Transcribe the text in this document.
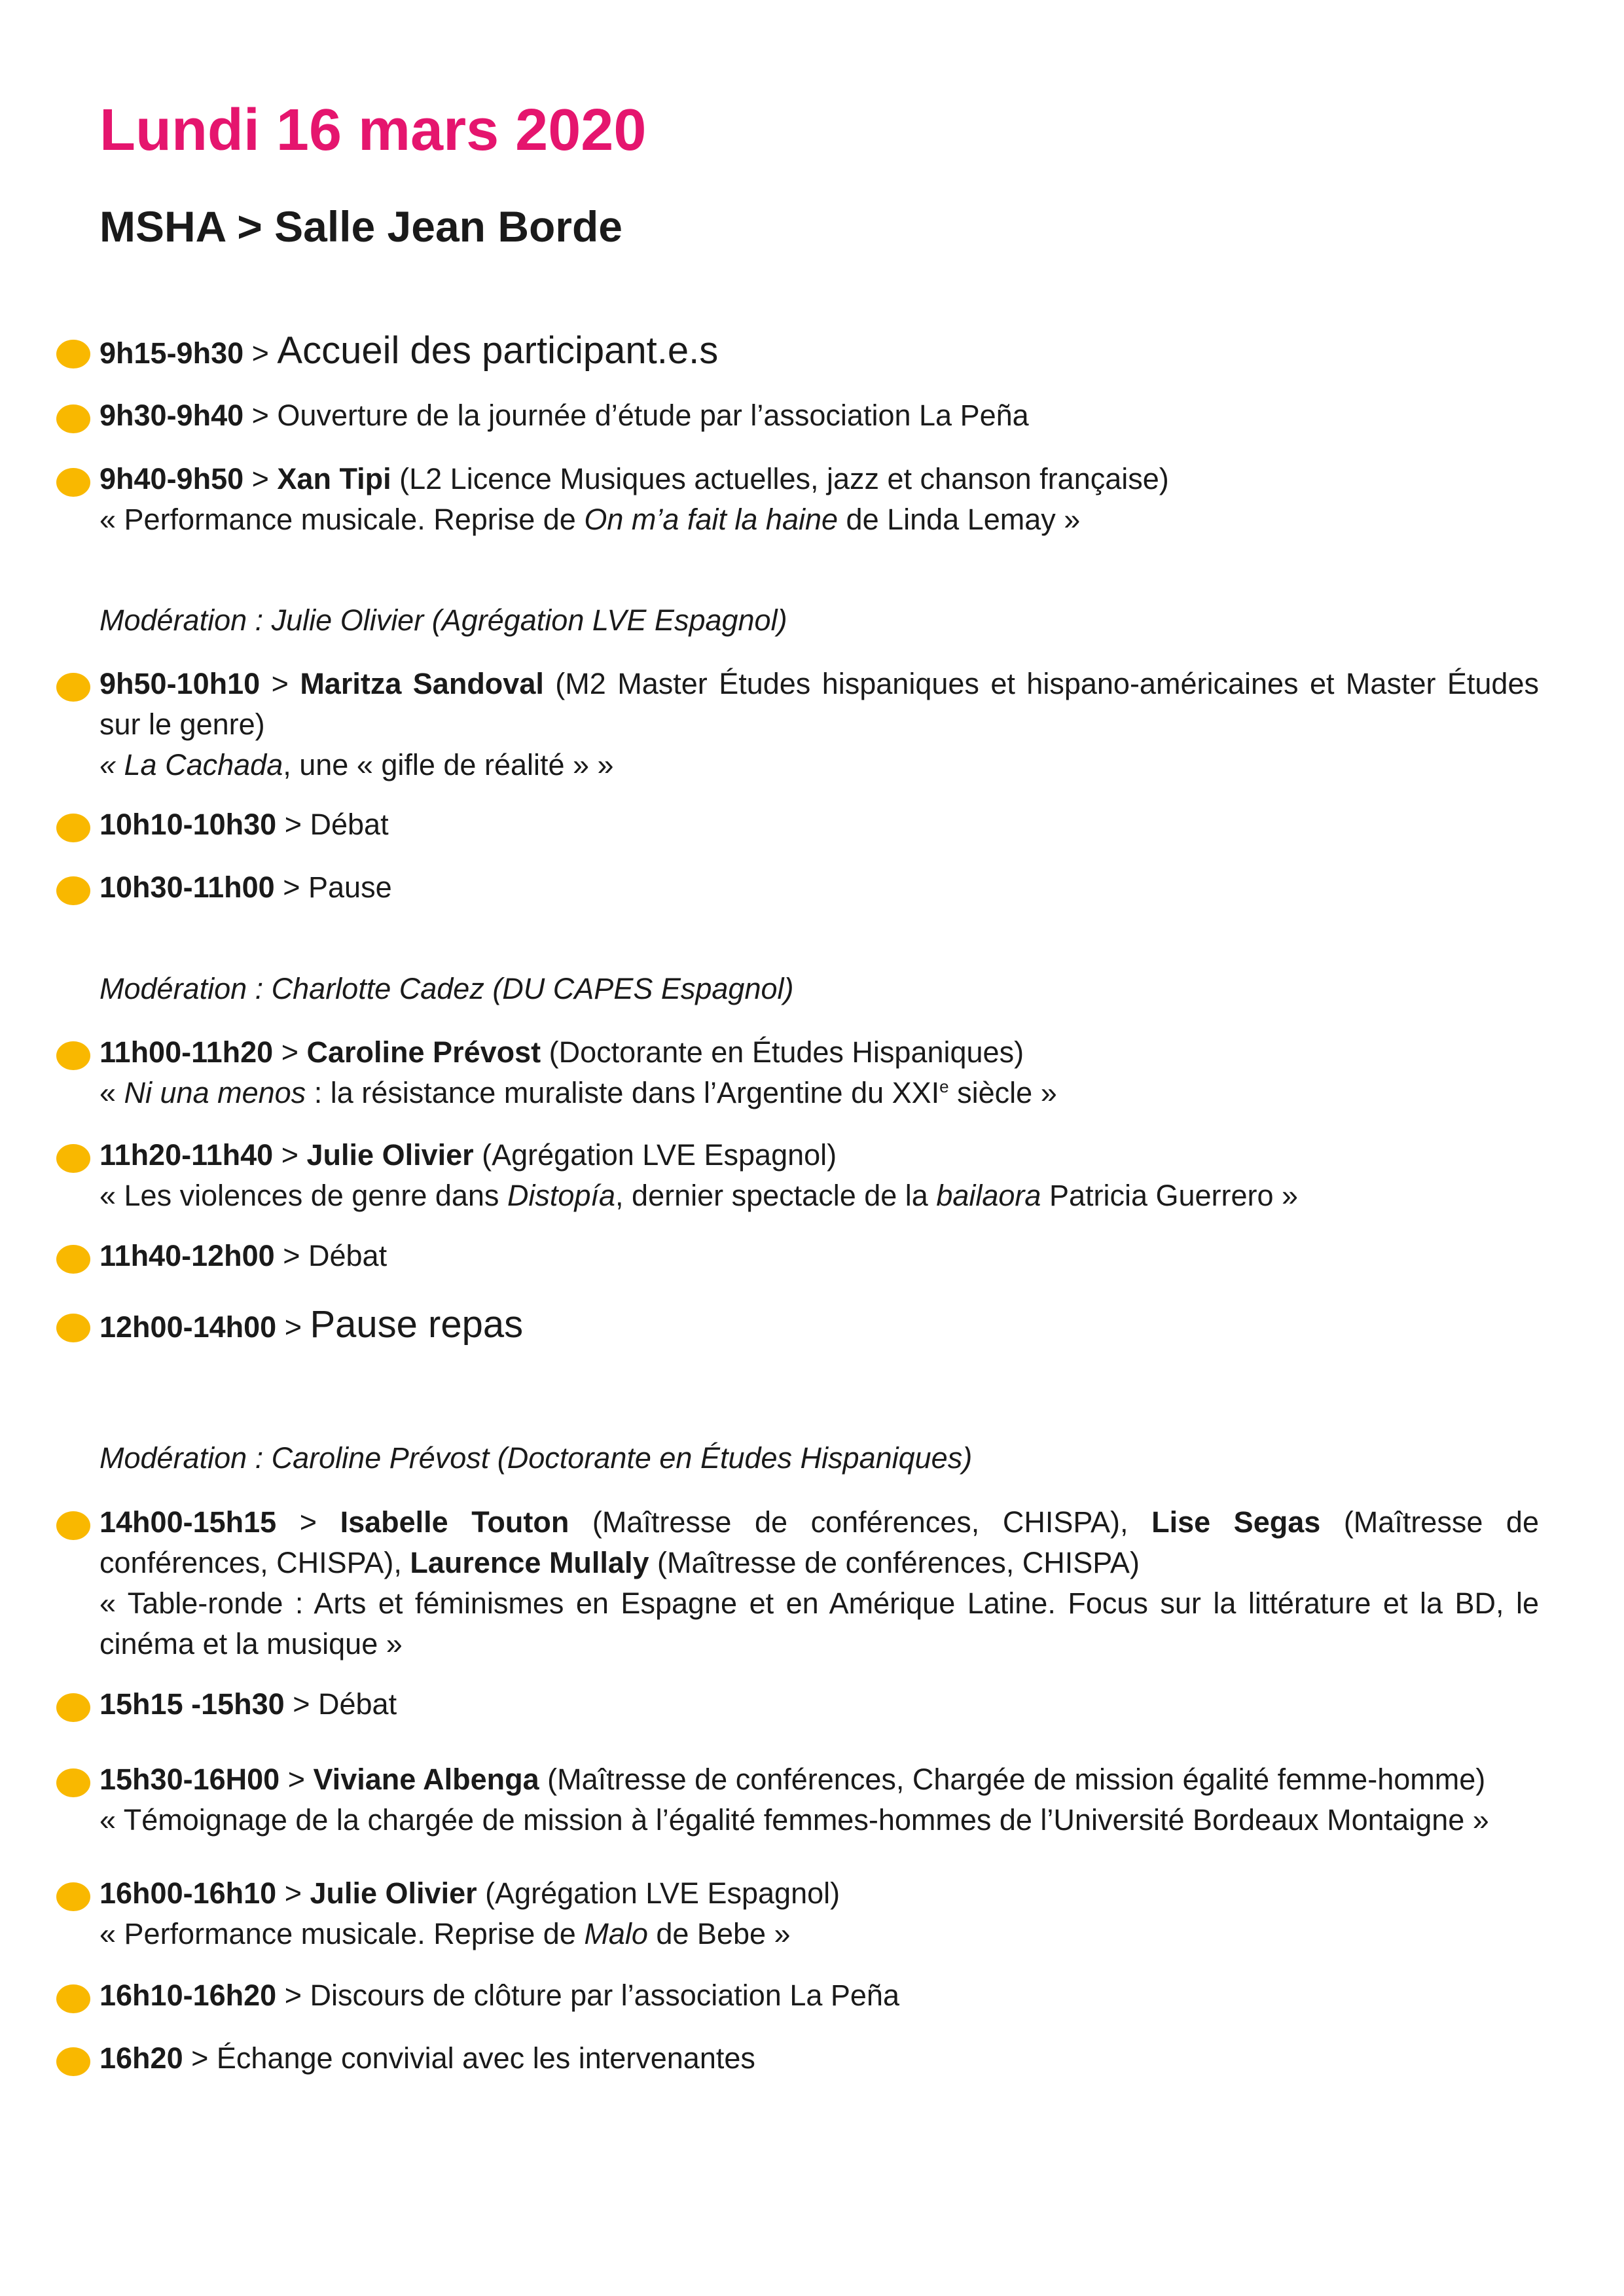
Lundi 16 mars 2020
MSHA > Salle Jean Borde
9h15-9h30 > Accueil des participant.e.s
9h30-9h40 > Ouverture de la journée d’étude par l’association La Peña
9h40-9h50 > Xan Tipi (L2 Licence Musiques actuelles, jazz et chanson française)
« Performance musicale. Reprise de On m’a fait la haine de Linda Lemay »
Modération : Julie Olivier (Agrégation LVE Espagnol)
9h50-10h10 > Maritza Sandoval (M2 Master Études hispaniques et hispano-américaines et Master Études sur le genre)
« La Cachada, une « gifle de réalité » »
10h10-10h30 > Débat
10h30-11h00 > Pause
Modération : Charlotte Cadez (DU CAPES Espagnol)
11h00-11h20 > Caroline Prévost (Doctorante en Études Hispaniques)
« Ni una menos : la résistance muraliste dans l’Argentine du XXIe siècle »
11h20-11h40 > Julie Olivier (Agrégation LVE Espagnol)
« Les violences de genre dans Distopía, dernier spectacle de la bailaora Patricia Guerrero »
11h40-12h00 > Débat
12h00-14h00 > Pause repas
Modération : Caroline Prévost (Doctorante en Études Hispaniques)
14h00-15h15 > Isabelle Touton (Maîtresse de conférences, CHISPA), Lise Segas (Maîtresse de conférences, CHISPA), Laurence Mullaly (Maîtresse de conférences, CHISPA)
« Table-ronde : Arts et féminismes en Espagne et en Amérique Latine. Focus sur la littérature et la BD, le cinéma et la musique »
15h15 -15h30 > Débat
15h30-16H00 > Viviane Albenga (Maîtresse de conférences, Chargée de mission égalité femme-homme)
« Témoignage de la chargée de mission à l’égalité femmes-hommes de l’Université Bordeaux Montaigne »
16h00-16h10 > Julie Olivier (Agrégation LVE Espagnol)
« Performance musicale. Reprise de Malo de Bebe »
16h10-16h20 > Discours de clôture par l’association La Peña
16h20 > Échange convivial avec les intervenantes
